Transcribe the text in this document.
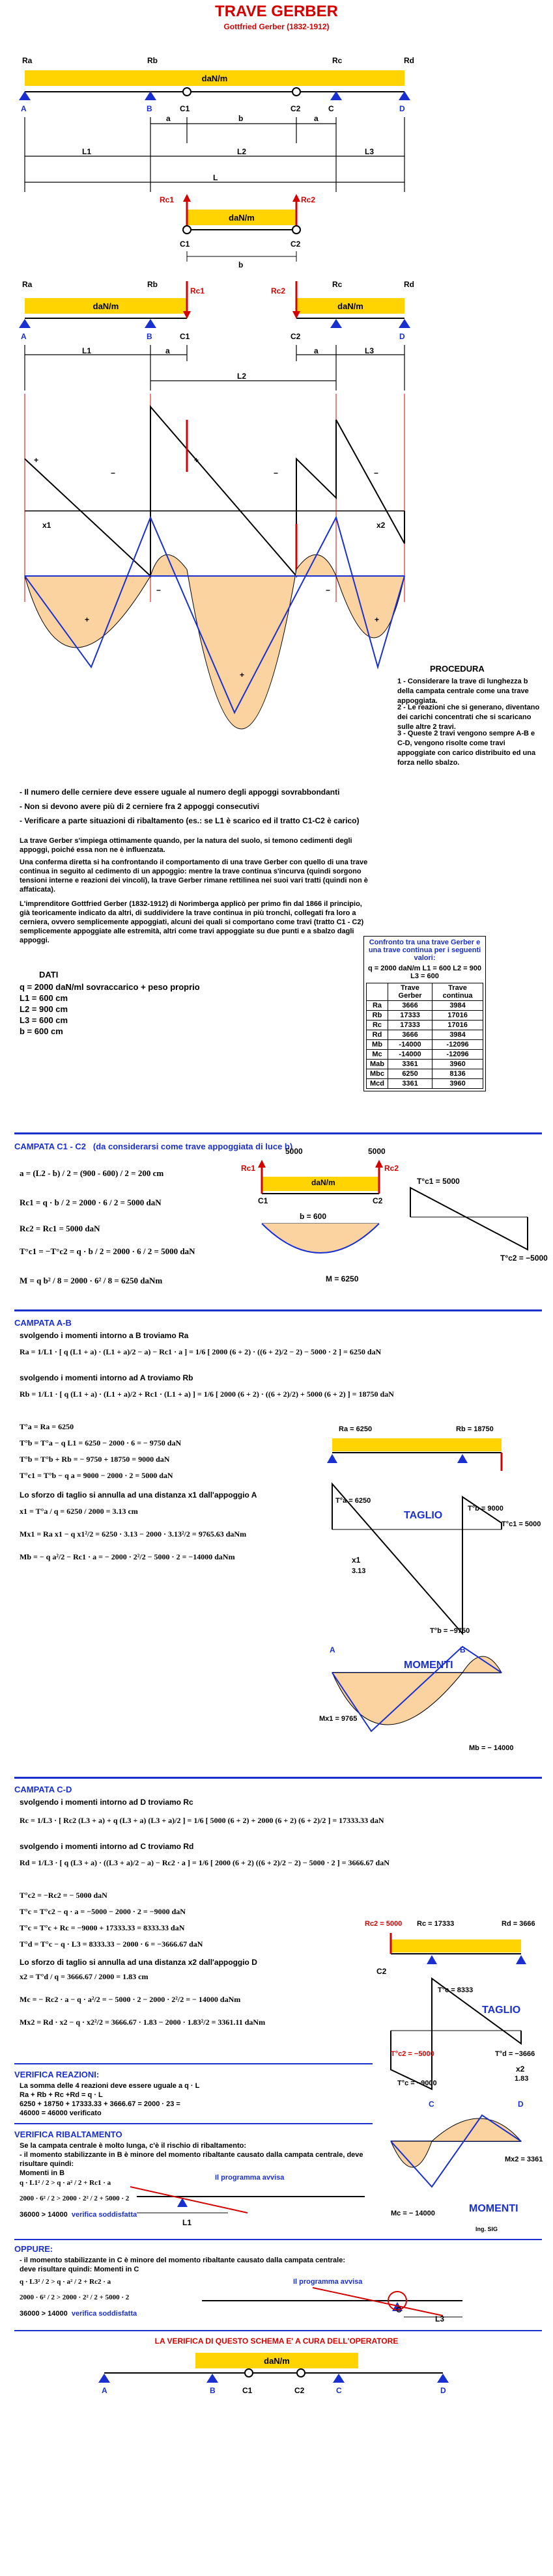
TRAVE GERBER
Gottfried Gerber (1832-1912)
Ra	Rb	Rc	Rd
daN/m
A	B	C1	C2	C	D
a	b	a
L1	L2	L3
L
daN/m
Rc1	Rc2
C1	C2
b
Ra	Rb	Rc	Rd
daN/m	daN/m
Rc1	Rc2
A	B	C1	C2	D
L1	a	a	L3
L2
+
−
+
−	−
x1	x2
+
+
+
−	−
PROCEDURA
1 - Considerare la trave di lunghezza b della campata centrale come una trave appoggiata.
2 - Le reazioni che si generano, diventano dei carichi concentrati che si scaricano sulle altre 2 travi.
3 - Queste 2 travi vengono sempre A-B e C-D, vengono risolte come travi appoggiate con carico distribuito ed una forza nello sbalzo.
- Il numero delle cerniere deve essere uguale al numero degli appoggi sovrabbondanti
- Non si devono avere più di 2 cerniere fra 2 appoggi consecutivi
- Verificare a parte situazioni di ribaltamento (es.: se L1 è scarico ed il tratto C1-C2 è carico)
La trave Gerber s'impiega ottimamente quando, per la natura del suolo, si temono cedimenti degli appoggi, poiché essa non ne è influenzata.
Una conferma diretta si ha confrontando il comportamento di una trave Gerber con quello di una trave continua in seguito al cedimento di un appoggio: mentre la trave continua s'incurva (quindi sorgono tensioni interne e reazioni dei vincoli), la trave Gerber rimane rettilinea nei suoi vari tratti (quindi non è affaticata).
L'imprenditore Gottfried Gerber (1832-1912) di Norimberga applicò per primo fin dal 1866 il principio, già teoricamente indicato da altri, di suddividere la trave continua in più tronchi, collegati fra loro a cerniera, ovvero semplicemente appoggiati, alcuni dei quali si comportano come travi (tratto C1 - C2) semplicemente appoggiate alle estremità, altri come travi appoggiate su due punti e a sbalzo dagli appoggi.
DATI
q = 2000 daN/ml sovraccarico + peso proprio
L1 = 600 cm
L2 = 900 cm
L3 = 600 cm
b = 600 cm
Confronto tra una trave Gerber e una trave continua per i seguenti valori:
q = 2000 daN/m L1 = 600 L2 = 900 L3 = 600
	Trave Gerber	Trave continua
Ra	3666	3984
Rb	17333	17016
Rc	17333	17016
Rd	3666	3984
Mb	-14000	-12096
Mc	-14000	-12096
Mab	3361	3960
Mbc	6250	8136
Mcd	3361	3960
CAMPATA C1 - C2 (da considerarsi come trave appoggiata di luce b)
a = (L2 - b) / 2 = (900 - 600) / 2 = 200 cm
Rc1 = q · b / 2 = 2000 · 6 / 2 = 5000 daN
Rc2 = Rc1 = 5000 daN
T°c1 = −T°c2 = q · b / 2 = 2000 · 6 / 2 = 5000 daN
M = q b² / 8 = 2000 · 6² / 8 = 6250 daNm
5000	5000
Rc1	Rc2
daN/m
C1	C2
b = 600
M = 6250
T°c1 = 5000
T°c2 = −5000
CAMPATA A-B
svolgendo i momenti intorno a B troviamo Ra
Ra = 1/L1 · [ q (L1 + a) · (L1 + a)/2 − a) − Rc1 · a ] = 1/6 [ 2000 (6 + 2) · ((6 + 2)/2 − 2) − 5000 · 2 ] = 6250 daN
svolgendo i momenti intorno ad A troviamo Rb
Rb = 1/L1 · [ q (L1 + a) · (L1 + a)/2 + Rc1 · (L1 + a) ] = 1/6 [ 2000 (6 + 2) · ((6 + 2)/2) + 5000 (6 + 2) ] = 18750 daN
T°a = Ra = 6250
T°b = T°a − q L1 = 6250 − 2000 · 6 = − 9750 daN
T°b = T°b + Rb = − 9750 + 18750 = 9000 daN
T°c1 = T°b − q a = 9000 − 2000 · 2 = 5000 daN
Lo sforzo di taglio si annulla ad una distanza x1 dall'appoggio A
x1 = T°a / q = 6250 / 2000 = 3.13 cm
Mx1 = Ra x1 − q x1²/2 = 6250 · 3.13 − 2000 · 3.13²/2 = 9765.63 daNm
Mb = − q a²/2 − Rc1 · a = − 2000 · 2²/2 − 5000 · 2 = −14000 daNm
Ra = 6250	Rb = 18750
TAGLIO
T°a = 6250
T°b = 9000
T°c1 = 5000
T°b = −9750
x1
3.13
MOMENTI
Mx1 = 9765
Mb = − 14000
A	B
CAMPATA C-D
svolgendo i momenti intorno ad D troviamo Rc
Rc = 1/L3 · [ Rc2 (L3 + a) + q (L3 + a) (L3 + a)/2 ] = 1/6 [ 5000 (6 + 2) + 2000 (6 + 2) (6 + 2)/2 ] = 17333.33 daN
svolgendo i momenti intorno ad C troviamo Rd
Rd = 1/L3 · [ q (L3 + a) · ((L3 + a)/2 − a) − Rc2 · a ] = 1/6 [ 2000 (6 + 2) ((6 + 2)/2 − 2) − 5000 · 2 ] = 3666.67 daN
T°c2 = −Rc2 = − 5000 daN
T°c = T°c2 − q · a = −5000 − 2000 · 2 = −9000 daN
T°c = T°c + Rc = −9000 + 17333.33 = 8333.33 daN
T°d = T°c − q · L3 = 8333.33 − 2000 · 6 = −3666.67 daN
Lo sforzo di taglio si annulla ad una distanza x2 dall'appoggio D
x2 = T°d / q = 3666.67 / 2000 = 1.83 cm
Mc = − Rc2 · a − q · a²/2 = − 5000 · 2 − 2000 · 2²/2 = − 14000 daNm
Mx2 = Rd · x2 − q · x2²/2 = 3666.67 · 1.83 − 2000 · 1.83²/2 = 3361.11 daNm
Rc2 = 5000 Rc = 17333	Rd = 3666
C2
TAGLIO
T°c = 8333
T°c2 = −5000
T°c = −9000
T°d = −3666
x2
1.83
MOMENTI
Mc = − 14000
Mx2 = 3361
C	D
VERIFICA REAZIONI:
La somma delle 4 reazioni deve essere uguale a q · L
Ra + Rb + Rc +Rd = q · L
6250 + 18750 + 17333.33 + 3666.67 = 2000 · 23 =
46000 = 46000 verificato
VERIFICA RIBALTAMENTO
Se la campata centrale è molto lunga, c'è il rischio di ribaltamento:
- il momento stabilizzante in B è minore del momento ribaltante causato dalla campata centrale, deve risultare quindi:
Momenti in B
q · L1² / 2 > q · a² / 2 + Rc1 · a
2000 · 6² / 2 > 2000 · 2² / 2 + 5000 · 2
36000 > 14000 verifica soddisfatta
Il programma avvisa
L1
Ing. SIG
OPPURE:
- il momento stabilizzante in C è minore del momento ribaltante causato dalla campata centrale:
deve risultare quindi: Momenti in C
q · L3² / 2 > q · a² / 2 + Rc2 · a
2000 · 6² / 2 > 2000 · 2² / 2 + 5000 · 2
36000 > 14000 verifica soddisfatta
Il programma avvisa
C
L3
LA VERIFICA DI QUESTO SCHEMA E' A CURA DELL'OPERATORE
daN/m
A	B	C1	C2	C	D
